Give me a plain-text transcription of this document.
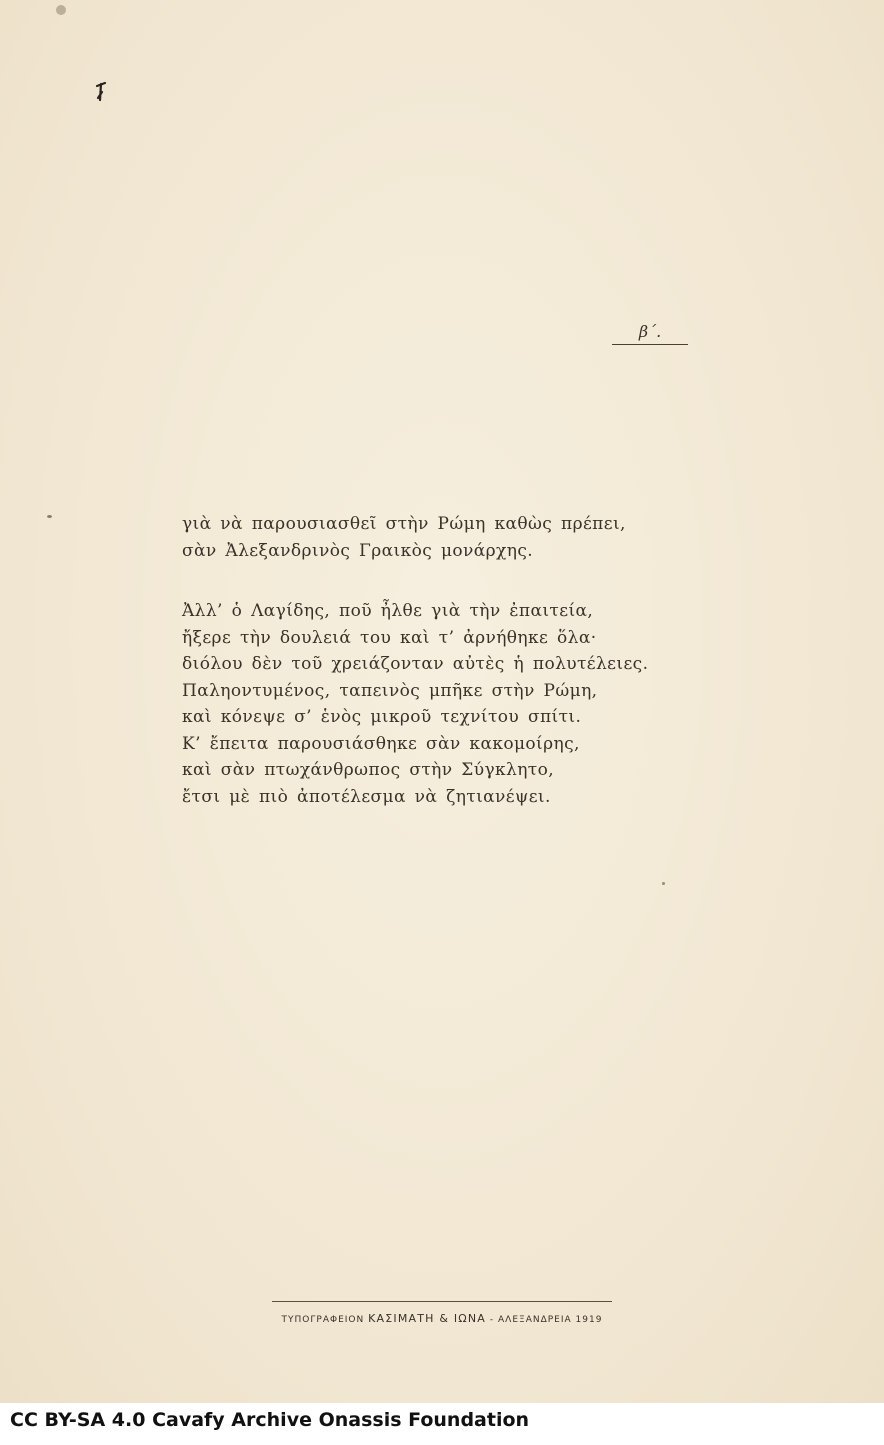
β΄.
γιὰ νὰ παρουσιασθεῖ στὴν Ρώμη καθὼς πρέπει,
σὰν Ἀλεξανδρινὸς Γραικὸς μονάρχης.
Ἀλλ’ ὁ Λαγίδης, ποῦ ἦλθε γιὰ τὴν ἐπαιτεία,
ἤξερε τὴν δουλειά του καὶ τ’ ἀρνήθηκε ὅλα·
διόλου δὲν τοῦ χρειάζονταν αὐτὲς ἡ πολυτέλειες.
Παληοντυμένος, ταπεινὸς μπῆκε στὴν Ρώμη,
καὶ κόνεψε σ’ ἑνὸς μικροῦ τεχνίτου σπίτι.
Κ’ ἔπειτα παρουσιάσθηκε σὰν κακομοίρης,
καὶ σὰν πτωχάνθρωπος στὴν Σύγκλητο,
ἔτσι μὲ πιὸ ἀποτέλεσμα νὰ ζητιανέψει.
ΤΥΠΟΓΡΑΦΕΙΟΝ ΚΑΣΙΜΑΤΗ & ΙΩΝΑ - ΑΛΕΞΑΝΔΡΕΙΑ 1919
CC BY-SA 4.0 Cavafy Archive Onassis Foundation
